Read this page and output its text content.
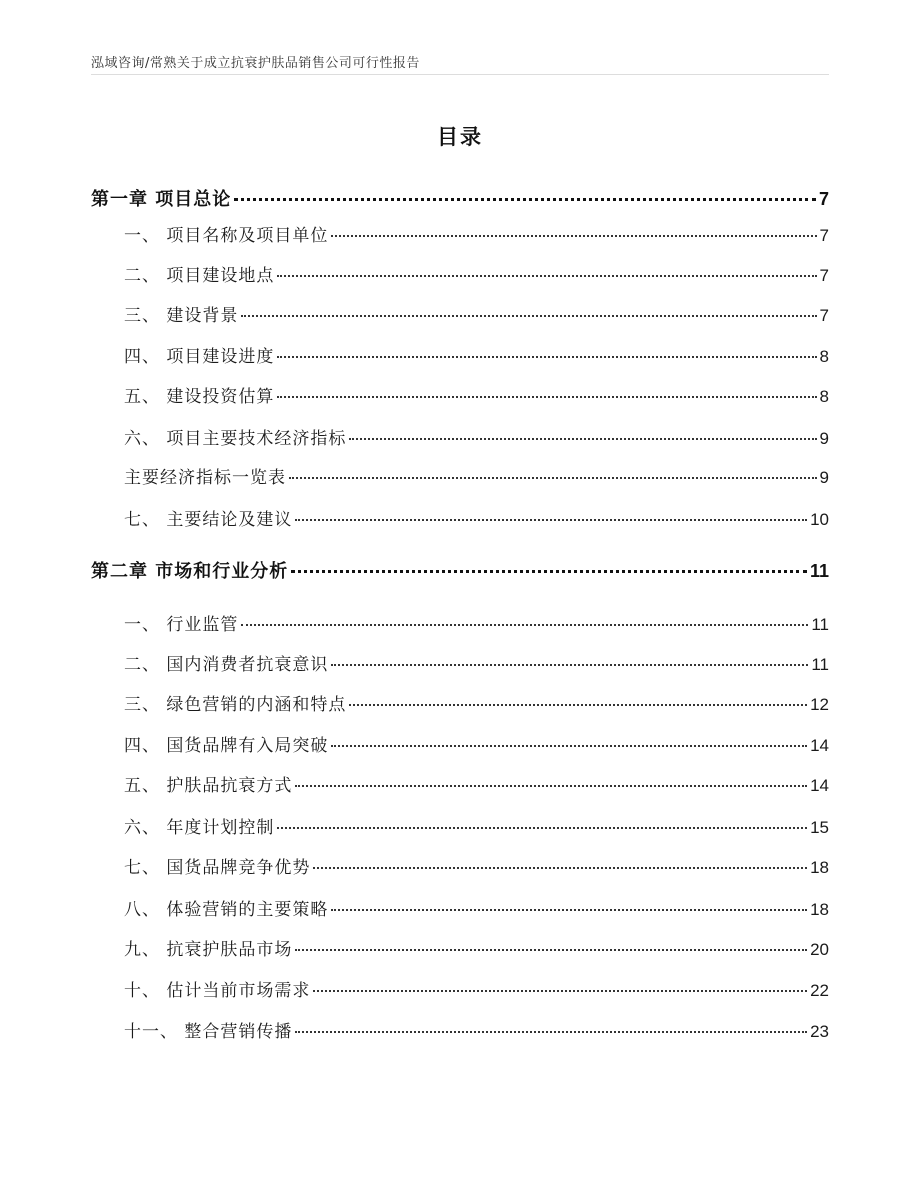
泓域咨询/常熟关于成立抗衰护肤品销售公司可行性报告
目录
第一章 项目总论	7
一、 项目名称及项目单位	7
二、 项目建设地点	7
三、 建设背景	7
四、 项目建设进度	8
五、 建设投资估算	8
六、 项目主要技术经济指标	9
主要经济指标一览表	9
七、 主要结论及建议	10
第二章 市场和行业分析	11
一、 行业监管	11
二、 国内消费者抗衰意识	11
三、 绿色营销的内涵和特点	12
四、 国货品牌有入局突破	14
五、 护肤品抗衰方式	14
六、 年度计划控制	15
七、 国货品牌竞争优势	18
八、 体验营销的主要策略	18
九、 抗衰护肤品市场	20
十、 估计当前市场需求	22
十一、 整合营销传播	23
